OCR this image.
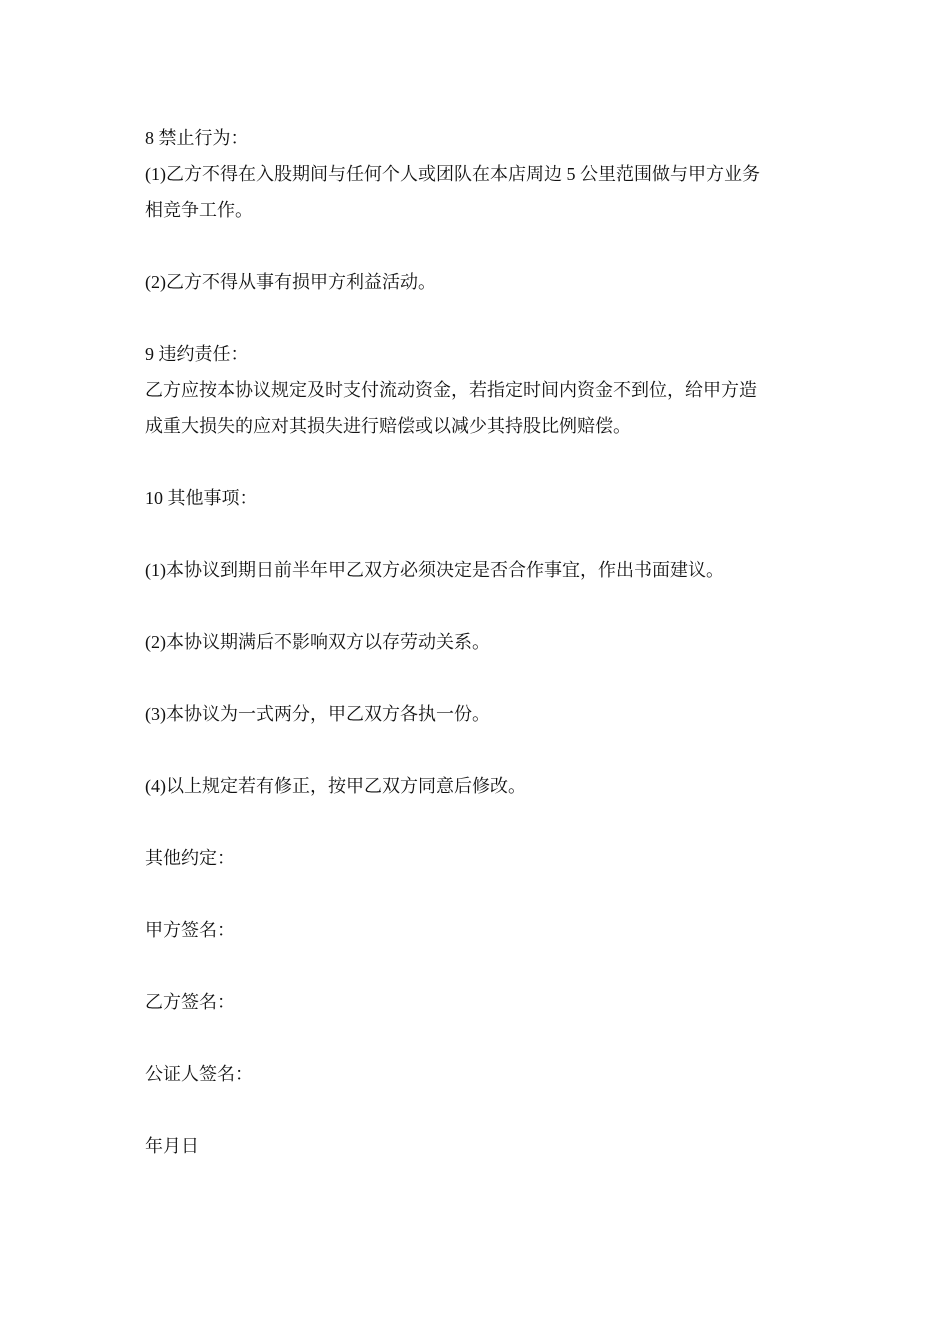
8 禁止行为：

(1)乙方不得在入股期间与任何个人或团队在本店周边 5 公里范围做与甲方业务

相竞争工作。

(2)乙方不得从事有损甲方利益活动。

9 违约责任：

乙方应按本协议规定及时支付流动资金，若指定时间内资金不到位，给甲方造

成重大损失的应对其损失进行赔偿或以减少其持股比例赔偿。

10 其他事项：

(1)本协议到期日前半年甲乙双方必须决定是否合作事宜，作出书面建议。

(2)本协议期满后不影响双方以存劳动关系。

(3)本协议为一式两分，甲乙双方各执一份。

(4)以上规定若有修正，按甲乙双方同意后修改。

其他约定：

甲方签名：

乙方签名：

公证人签名：

年月日
